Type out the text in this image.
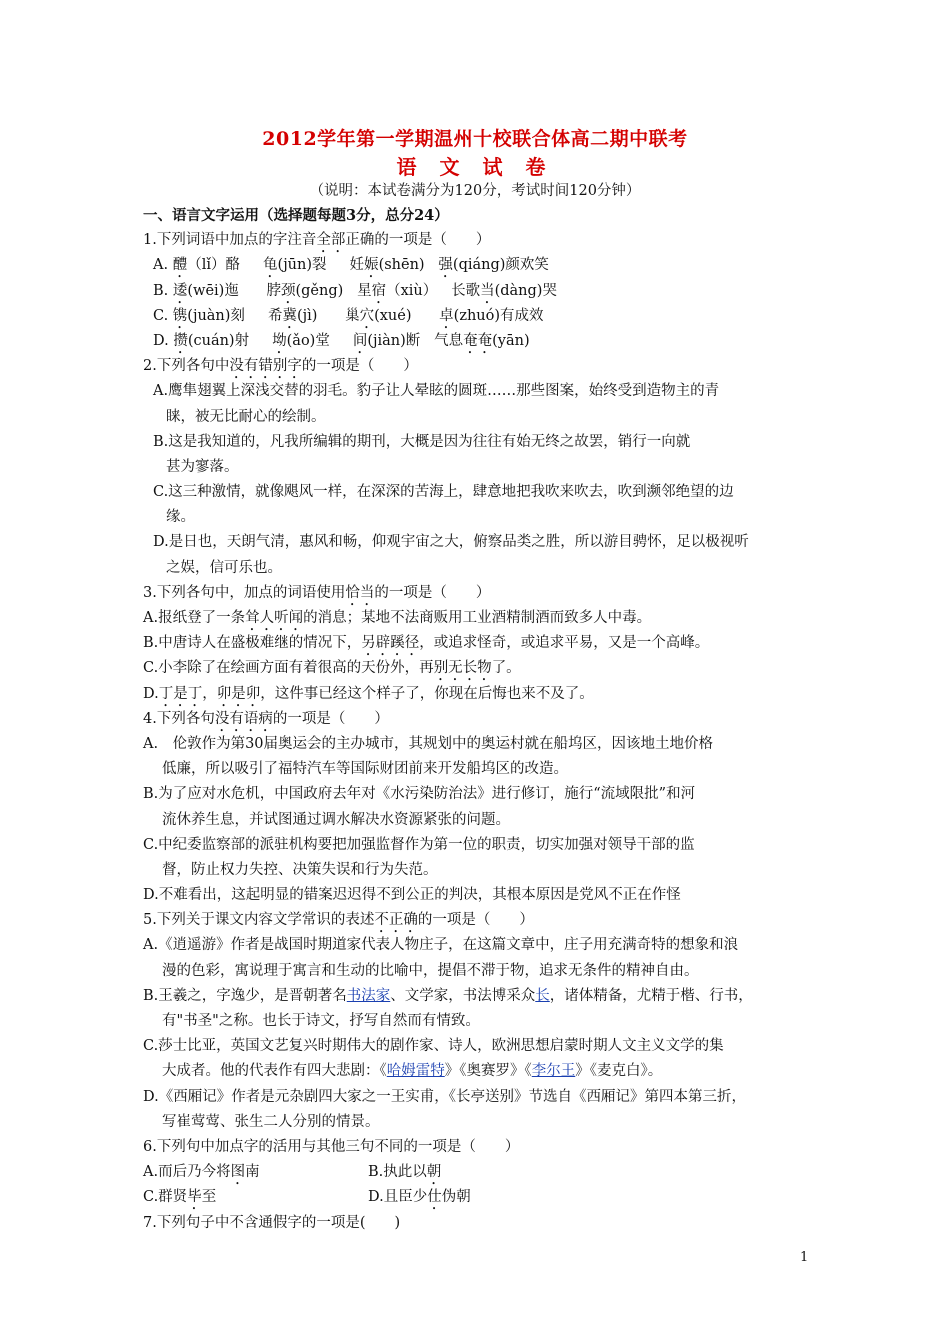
2012学年第一学期温州十校联合体高二期中联考
语 文 试 卷
（说明：本试卷满分为120分，考试时间120分钟）
一、语言文字运用（选择题每题3分，总分24）
1.下列词语中加点的字注音全部正确的一项是（　　）
A. 醴（lǐ）酪     龟(jūn)裂     妊娠(shēn)   强(qiáng)颜欢笑
B. 逶(wēi)迤      脖颈(gěng)   星宿（xiù）   长歌当(dàng)哭
C. 镌(juàn)刻     希冀(jì)      巢穴(xué)      卓(zhuó)有成效
D. 攒(cuán)射     坳(ǎo)堂     间(jiàn)断   气息奄奄(yān)
2.下列各句中没有错别字的一项是（　　）
A.鹰隼翅翼上深浅交替的羽毛。豹子让人晕眩的圆斑……那些图案，始终受到造物主的青
睐，被无比耐心的绘制。
B.这是我知道的，凡我所编辑的期刊，大概是因为往往有始无终之故罢，销行一向就
甚为寥落。
C.这三种激情，就像飓风一样，在深深的苦海上，肆意地把我吹来吹去，吹到濒邻绝望的边
缘。
D.是日也，天朗气清，惠风和畅，仰观宇宙之大，俯察品类之胜，所以游目骋怀，足以极视听
之娱，信可乐也。
3.下列各句中，加点的词语使用恰当的一项是（　　）
A.报纸登了一条耸人听闻的消息；某地不法商贩用工业酒精制酒而致多人中毒。
B.中唐诗人在盛极难继的情况下，另辟蹊径，或追求怪奇，或追求平易，又是一个高峰。
C.小李除了在绘画方面有着很高的天份外，再别无长物了。
D.丁是丁，卯是卯，这件事已经这个样子了，你现在后悔也来不及了。
4.下列各句没有语病的一项是（　　）
A.　伦敦作为第30届奥运会的主办城市，其规划中的奥运村就在船坞区，因该地土地价格
低廉，所以吸引了福特汽车等国际财团前来开发船坞区的改造。
B.为了应对水危机，中国政府去年对《水污染防治法》进行修订，施行“流域限批”和河
流休养生息，并试图通过调水解决水资源紧张的问题。
C.中纪委监察部的派驻机构要把加强监督作为第一位的职责，切实加强对领导干部的监
督，防止权力失控、决策失误和行为失范。
D.不难看出，这起明显的错案迟迟得不到公正的判决，其根本原因是党风不正在作怪
5.下列关于课文内容文学常识的表述不正确的一项是（　　）
A.《逍遥游》作者是战国时期道家代表人物庄子，在这篇文章中，庄子用充满奇特的想象和浪
漫的色彩，寓说理于寓言和生动的比喻中，提倡不滞于物，追求无条件的精神自由。
B.王羲之，字逸少，是晋朝著名书法家、文学家，书法博采众长，诸体精备，尤精于楷、行书，
有"书圣"之称。也长于诗文，抒写自然而有情致。
C.莎士比亚，英国文艺复兴时期伟大的剧作家、诗人，欧洲思想启蒙时期人文主义文学的集
大成者。他的代表作有四大悲剧：《哈姆雷特》《奥赛罗》《李尔王》《麦克白》。
D.《西厢记》作者是元杂剧四大家之一王实甫，《长亭送别》节选自《西厢记》第四本第三折，
写崔莺莺、张生二人分别的情景。
6.下列句中加点字的活用与其他三句不同的一项是（　　）
A.而后乃今将图南	B.执此以朝
C.群贤毕至	D.且臣少仕伪朝
7.下列句子中不含通假字的一项是(　　)
1
